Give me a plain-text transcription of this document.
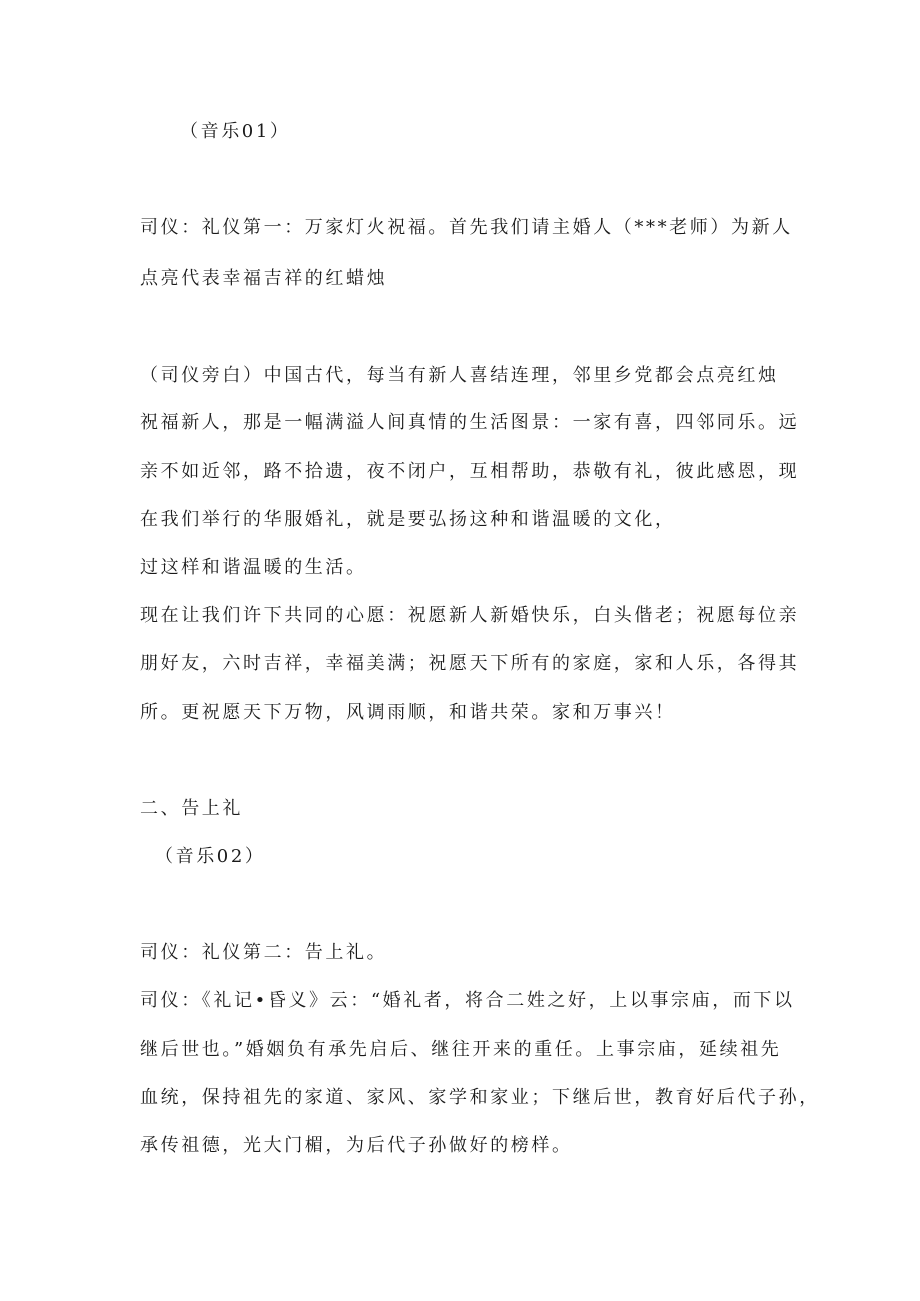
（音乐01）

司仪：礼仪第一：万家灯火祝福。首先我们请主婚人（***老师）为新人

点亮代表幸福吉祥的红蜡烛

（司仪旁白）中国古代，每当有新人喜结连理，邻里乡党都会点亮红烛

祝福新人，那是一幅满溢人间真情的生活图景：一家有喜，四邻同乐。远

亲不如近邻，路不拾遗，夜不闭户，互相帮助，恭敬有礼，彼此感恩，现

在我们举行的华服婚礼，就是要弘扬这种和谐温暖的文化，

过这样和谐温暖的生活。

现在让我们许下共同的心愿：祝愿新人新婚快乐，白头偕老；祝愿每位亲

朋好友，六时吉祥，幸福美满；祝愿天下所有的家庭，家和人乐，各得其

所。更祝愿天下万物，风调雨顺，和谐共荣。家和万事兴！

二、告上礼

（音乐02）

司仪：礼仪第二：告上礼。

司仪：《礼记•昏义》云：“婚礼者，将合二姓之好，上以事宗庙，而下以

继后世也。”婚姻负有承先启后、继往开来的重任。上事宗庙，延续祖先

血统，保持祖先的家道、家风、家学和家业；下继后世，教育好后代子孙，

承传祖德，光大门楣，为后代子孙做好的榜样。
